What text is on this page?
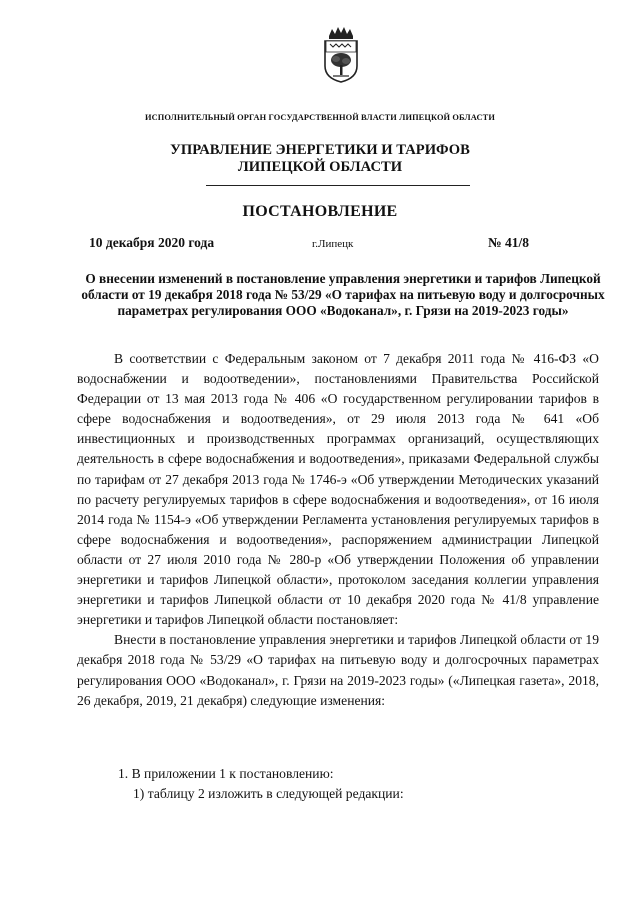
ИСПОЛНИТЕЛЬНЫЙ ОРГАН ГОСУДАРСТВЕННОЙ ВЛАСТИ ЛИПЕЦКОЙ ОБЛАСТИ
УПРАВЛЕНИЕ ЭНЕРГЕТИКИ И ТАРИФОВ
ЛИПЕЦКОЙ ОБЛАСТИ
ПОСТАНОВЛЕНИЕ
10 декабря 2020 года	г.Липецк	№ 41/8
О внесении изменений в постановление управления энергетики и тарифов Липецкой области от 19 декабря 2018 года № 53/29 «О тарифах на питьевую воду и долгосрочных параметрах регулирования ООО «Водоканал», г. Грязи на 2019-2023 годы»

В соответствии с Федеральным законом от 7 декабря 2011 года № 416-ФЗ «О водоснабжении и водоотведении», постановлениями Правительства Российской Федерации от 13 мая 2013 года № 406 «О государственном регулировании тарифов в сфере водоснабжения и водоотведения», от 29 июля 2013 года № 641 «Об инвестиционных и производственных программах организаций, осуществляющих деятельность в сфере водоснабжения и водоотведения», приказами Федеральной службы по тарифам от 27 декабря 2013 года № 1746-э «Об утверждении Методических указаний по расчету регулируемых тарифов в сфере водоснабжения и водоотведения», от 16 июля 2014 года № 1154-э «Об утверждении Регламента установления регулируемых тарифов в сфере водоснабжения и водоотведения», распоряжением администрации Липецкой области от 27 июля 2010 года № 280-р «Об утверждении Положения об управлении энергетики и тарифов Липецкой области», протоколом заседания коллегии управления энергетики и тарифов Липецкой области от 10 декабря 2020 года № 41/8 управление энергетики и тарифов Липецкой области постановляет:

Внести в постановление управления энергетики и тарифов Липецкой области от 19 декабря 2018 года № 53/29 «О тарифах на питьевую воду и долгосрочных параметрах регулирования ООО «Водоканал», г. Грязи на 2019-2023 годы» («Липецкая газета», 2018, 26 декабря, 2019, 21 декабря) следующие изменения:

1. В приложении 1 к постановлению:
1) таблицу 2 изложить в следующей редакции:
